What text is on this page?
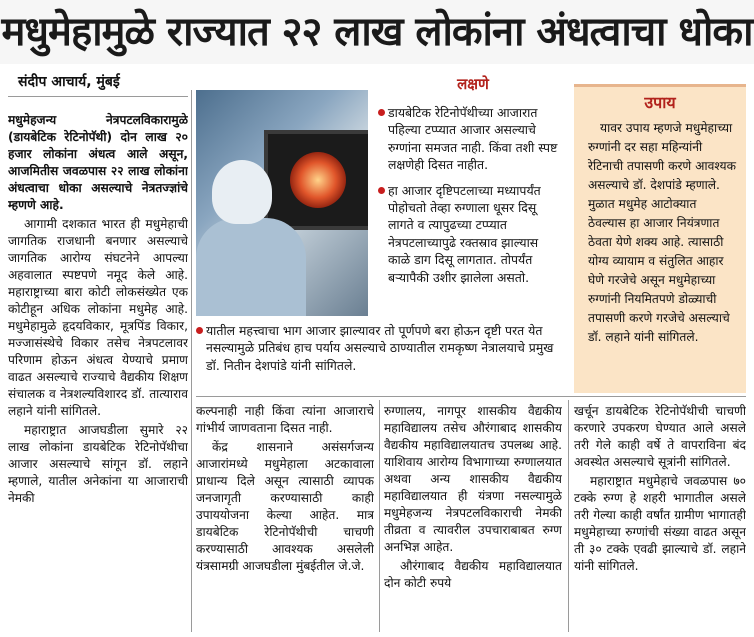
मधुमेहामुळे राज्यात २२ लाख लोकांना अंधत्वाचा धोका
संदीप आचार्य, मुंबई

मधुमेहजन्य नेत्रपटलविकारामुळे (डायबेटिक रेटिनोपॅथी) दोन लाख २० हजार लोकांना अंधत्व आले असून, आजमितीस जवळपास २२ लाख लोकांना अंधत्वाचा धोका असल्याचे नेत्रतज्ज्ञांचे म्हणणे आहे.

आगामी दशकात भारत ही मधुमेहाची जागतिक राजधानी बनणार असल्याचे जागतिक आरोग्य संघटनेने आपल्या अहवालात स्पष्टपणे नमूद केले आहे. महाराष्ट्राच्या बारा कोटी लोकसंख्येत एक कोटीहून अधिक लोकांना मधुमेह आहे. मधुमेहामुळे हृदयविकार, मूत्रपिंड विकार, मज्जासंस्थेचे विकार तसेच नेत्रपटलावर परिणाम होऊन अंधत्व येण्याचे प्रमाण वाढत असल्याचे राज्याचे वैद्यकीय शिक्षण संचालक व नेत्रशल्यविशारद डॉ. तात्याराव लहाने यांनी सांगितले.

महाराष्ट्रात आजघडीला सुमारे २२ लाख लोकांना डायबेटिक रेटिनोपॅथीचा आजार असल्याचे सांगून डॉ. लहाने म्हणाले, यातील अनेकांना या आजाराची नेमकी

लक्षणे
डायबेटिक रेटिनोपॅथीच्या आजारात पहिल्या टप्प्यात आजार असल्याचे रुग्णांना समजत नाही. किंवा तशी स्पष्ट लक्षणेही दिसत नाहीत.
हा आजार दृष्टिपटलाच्या मध्यापर्यंत पोहोचतो तेव्हा रुग्णाला धूसर दिसू लागते व त्यापुढच्या टप्प्यात नेत्रपटलाच्यापुढे रक्तस्राव झाल्यास काळे डाग दिसू लागतात. तोपर्यंत बऱ्यापैकी उशीर झालेला असतो.
यातील महत्त्वाचा भाग आजार झाल्यावर तो पूर्णपणे बरा होऊन दृष्टी परत येत नसल्यामुळे प्रतिबंध हाच पर्याय असल्याचे ठाण्यातील रामकृष्ण नेत्रालयाचे प्रमुख डॉ. नितीन देशपांडे यांनी सांगितले.
उपाय
यावर उपाय म्हणजे मधुमेहाच्या रुग्णांनी दर सहा महिन्यांनी रेटिनाची तपासणी करणे आवश्यक असल्याचे डॉ. देशपांडे म्हणाले. मुळात मधुमेह आटोक्यात ठेवल्यास हा आजार नियंत्रणात ठेवता येणे शक्य आहे. त्यासाठी योग्य व्यायाम व संतुलित आहार घेणे गरजेचे असून मधुमेहाच्या रुग्णांनी नियमितपणे डोळ्याची तपासणी करणे गरजेचे असल्याचे डॉ. लहाने यांनी सांगितले.

कल्पनाही नाही किंवा त्यांना आजाराचे गांभीर्य जाणवताना दिसत नाही.

केंद्र शासनाने असंसर्गजन्य आजारांमध्ये मधुमेहाला अटकावाला प्राधान्य दिले असून त्यासाठी व्यापक जनजागृती करण्यासाठी काही उपाययोजना केल्या आहेत. मात्र डायबेटिक रेटिनोपॅथीची चाचणी करण्यासाठी आवश्यक असलेली यंत्रसामग्री आजघडीला मुंबईतील जे.जे.

रुग्णालय, नागपूर शासकीय वैद्यकीय महाविद्यालय तसेच औरंगाबाद शासकीय वैद्यकीय महाविद्यालयातच उपलब्ध आहे. याशिवाय आरोग्य विभागाच्या रुग्णालयात अथवा अन्य शासकीय वैद्यकीय महाविद्यालयात ही यंत्रणा नसल्यामुळे मधुमेहजन्य नेत्रपटलविकाराची नेमकी तीव्रता व त्यावरील उपचाराबाबत रुग्ण अनभिज्ञ आहेत.

औरंगाबाद वैद्यकीय महाविद्यालयात दोन कोटी रुपये

खर्चून डायबेटिक रेटिनोपॅथीची चाचणी करणारे उपकरण घेण्यात आले असले तरी गेले काही वर्षे ते वापराविना बंद अवस्थेत असल्याचे सूत्रांनी सांगितले.

महाराष्ट्रात मधुमेहाचे जवळपास ७० टक्के रुग्ण हे शहरी भागातील असले तरी गेल्या काही वर्षांत ग्रामीण भागातही मधुमेहाच्या रुग्णांची संख्या वाढत असून ती ३० टक्के एवढी झाल्याचे डॉ. लहाने यांनी सांगितले.
